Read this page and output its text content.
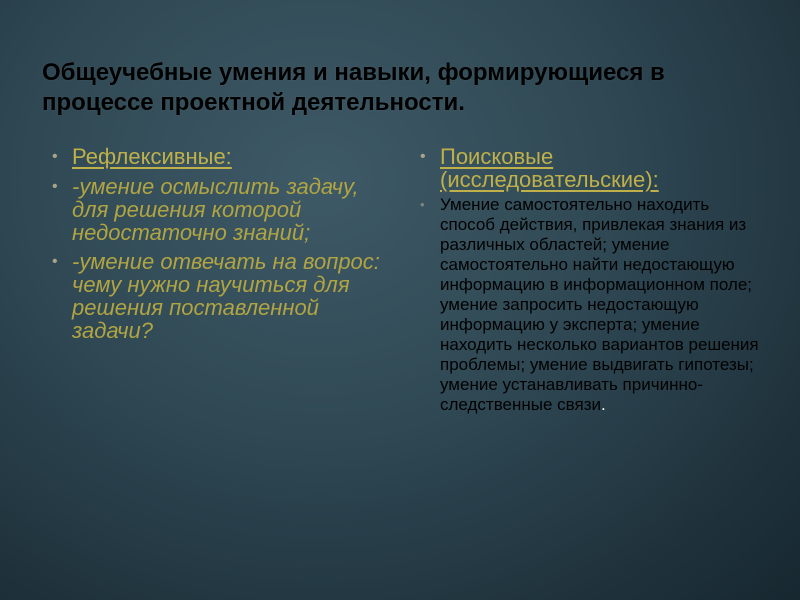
Общеучебные умения и навыки, формирующиеся в процессе проектной деятельности.
• Рефлексивные:
• -умение осмыслить задачу, для решения которой недостаточно знаний;
• -умение отвечать на вопрос: чему нужно научиться для решения поставленной задачи?
• Поисковые (исследовательские):
• Умение самостоятельно находить способ действия, привлекая знания из различных областей; умение самостоятельно найти недостающую информацию в информационном поле; умение запросить недостающую информацию у эксперта; умение находить несколько вариантов решения проблемы; умение выдвигать гипотезы; умение устанавливать причинно-следственные связи.
